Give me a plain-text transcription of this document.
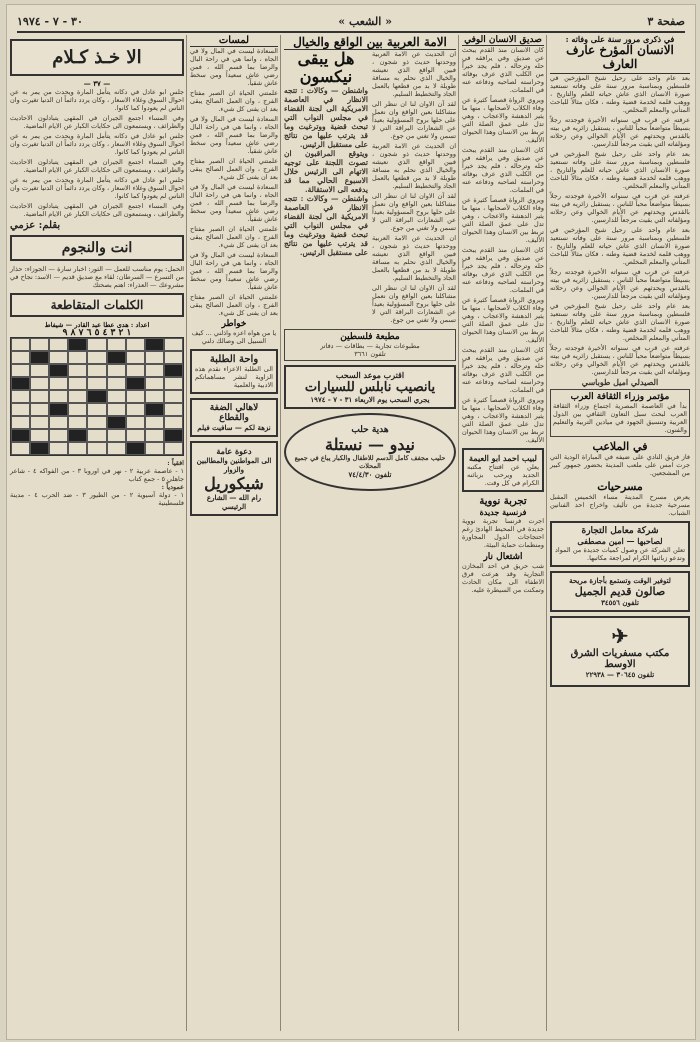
صفحة ٣
« الشعب »
٣٠ - ٧ - ١٩٧٤
في ذكرى مرور سنة على وفاته :
الانسان المؤرخ عارف العارف

بعد عام واحد على رحيل شيخ المؤرخين في فلسطين وبمناسبة مرور سنة على وفاته نستعيد صورة الانسان الذي عاش حياته للعلم والتاريخ ، ووهب قلمه لخدمة قضية وطنه ، فكان مثالاً للباحث المتأني والمعلم المخلص.

عرفته عن قرب في سنواته الأخيرة فوجدته رجلاً بسيطاً متواضعاً محباً للناس ، يستقبل زائريه في بيته بالقدس ويحدثهم عن الأيام الخوالي وعن رحلاته ومؤلفاته التي بقيت مرجعاً للدارسين.

بعد عام واحد على رحيل شيخ المؤرخين في فلسطين وبمناسبة مرور سنة على وفاته نستعيد صورة الانسان الذي عاش حياته للعلم والتاريخ ، ووهب قلمه لخدمة قضية وطنه ، فكان مثالاً للباحث المتأني والمعلم المخلص.

عرفته عن قرب في سنواته الأخيرة فوجدته رجلاً بسيطاً متواضعاً محباً للناس ، يستقبل زائريه في بيته بالقدس ويحدثهم عن الأيام الخوالي وعن رحلاته ومؤلفاته التي بقيت مرجعاً للدارسين.

بعد عام واحد على رحيل شيخ المؤرخين في فلسطين وبمناسبة مرور سنة على وفاته نستعيد صورة الانسان الذي عاش حياته للعلم والتاريخ ، ووهب قلمه لخدمة قضية وطنه ، فكان مثالاً للباحث المتأني والمعلم المخلص.

عرفته عن قرب في سنواته الأخيرة فوجدته رجلاً بسيطاً متواضعاً محباً للناس ، يستقبل زائريه في بيته بالقدس ويحدثهم عن الأيام الخوالي وعن رحلاته ومؤلفاته التي بقيت مرجعاً للدارسين.

بعد عام واحد على رحيل شيخ المؤرخين في فلسطين وبمناسبة مرور سنة على وفاته نستعيد صورة الانسان الذي عاش حياته للعلم والتاريخ ، ووهب قلمه لخدمة قضية وطنه ، فكان مثالاً للباحث المتأني والمعلم المخلص.

عرفته عن قرب في سنواته الأخيرة فوجدته رجلاً بسيطاً متواضعاً محباً للناس ، يستقبل زائريه في بيته بالقدس ويحدثهم عن الأيام الخوالي وعن رحلاته ومؤلفاته التي بقيت مرجعاً للدارسين.

الصيدلي اميل طوباسي
مؤتمر وزراء الثقافة العرب
بدأ في العاصمة المصرية اجتماع وزراء الثقافة العرب لبحث سبل التعاون الثقافي بين الدول العربية وتنسيق الجهود في ميادين التربية والتعليم والفنون.
في الملاعب
فاز فريق النادي على ضيفه في المباراة الودية التي جرت امس على ملعب المدينة بحضور جمهور كبير من المشجعين.
مسرحيات
يعرض مسرح المدينة مساء الخميس المقبل مسرحية جديدة من تأليف واخراج احد الفنانين الشباب.
شركة معامل التجارة
لصاحبها — امين مصطفى
تعلن الشركة عن وصول كميات جديدة من المواد وتدعو زبائنها الكرام لمراجعة مكاتبها.
لتوفير الوقت وتستمع بأجازة مريحة
صالون قديم الجميل
تلفون ٣٤٥٥٦
✈
مكتب مسفريات الشرق الاوسط
تلفون ٣٠٦٤٥ — ٢٢٩٣٨
صديق الانسان الوفي

كان الانسان منذ القدم يبحث عن صديق وفي يرافقه في حله وترحاله ، فلم يجد خيراً من الكلب الذي عرف بوفائه وحراسته لصاحبه ودفاعه عنه في الملمات.

ويروي الرواة قصصاً كثيرة عن وفاء الكلاب لأصحابها ، منها ما يثير الدهشة والاعجاب ، وهي تدل على عمق الصلة التي تربط بين الانسان وهذا الحيوان الأليف.

كان الانسان منذ القدم يبحث عن صديق وفي يرافقه في حله وترحاله ، فلم يجد خيراً من الكلب الذي عرف بوفائه وحراسته لصاحبه ودفاعه عنه في الملمات.

ويروي الرواة قصصاً كثيرة عن وفاء الكلاب لأصحابها ، منها ما يثير الدهشة والاعجاب ، وهي تدل على عمق الصلة التي تربط بين الانسان وهذا الحيوان الأليف.

كان الانسان منذ القدم يبحث عن صديق وفي يرافقه في حله وترحاله ، فلم يجد خيراً من الكلب الذي عرف بوفائه وحراسته لصاحبه ودفاعه عنه في الملمات.

ويروي الرواة قصصاً كثيرة عن وفاء الكلاب لأصحابها ، منها ما يثير الدهشة والاعجاب ، وهي تدل على عمق الصلة التي تربط بين الانسان وهذا الحيوان الأليف.

كان الانسان منذ القدم يبحث عن صديق وفي يرافقه في حله وترحاله ، فلم يجد خيراً من الكلب الذي عرف بوفائه وحراسته لصاحبه ودفاعه عنه في الملمات.

ويروي الرواة قصصاً كثيرة عن وفاء الكلاب لأصحابها ، منها ما يثير الدهشة والاعجاب ، وهي تدل على عمق الصلة التي تربط بين الانسان وهذا الحيوان الأليف.

لبيب احمد ابو العيمة
يعلن عن افتتاح مكتبه الجديد ويرحب بزبائنه الكرام في كل وقت.
تجربة نووية
فرنسية جديدة
اجرت فرنسا تجربة نووية جديدة في المحيط الهادئ رغم احتجاجات الدول المجاورة ومنظمات حماية البيئة.
اشتعال نار
شب حريق في احد المخازن التجارية وقد هرعت فرق الاطفاء الى مكان الحادث وتمكنت من السيطرة عليه.
الامة العربية بين الواقع والخيال

ان الحديث عن الامة العربية ووحدتها حديث ذو شجون ، فبين الواقع الذي نعيشه والخيال الذي نحلم به مسافة طويلة لا بد من قطعها بالعمل الجاد والتخطيط السليم.

لقد آن الاوان لنا ان ننظر الى مشاكلنا بعين الواقع وان نعمل على حلها بروح المسؤولية بعيداً عن الشعارات البراقة التي لا تسمن ولا تغني من جوع.

ان الحديث عن الامة العربية ووحدتها حديث ذو شجون ، فبين الواقع الذي نعيشه والخيال الذي نحلم به مسافة طويلة لا بد من قطعها بالعمل الجاد والتخطيط السليم.

لقد آن الاوان لنا ان ننظر الى مشاكلنا بعين الواقع وان نعمل على حلها بروح المسؤولية بعيداً عن الشعارات البراقة التي لا تسمن ولا تغني من جوع.

ان الحديث عن الامة العربية ووحدتها حديث ذو شجون ، فبين الواقع الذي نعيشه والخيال الذي نحلم به مسافة طويلة لا بد من قطعها بالعمل الجاد والتخطيط السليم.

لقد آن الاوان لنا ان ننظر الى مشاكلنا بعين الواقع وان نعمل على حلها بروح المسؤولية بعيداً عن الشعارات البراقة التي لا تسمن ولا تغني من جوع.

هل يبقى نيكسون
واشنطن — وكالات : تتجه الانظار في العاصمة الامريكية الى لجنة القضاء في مجلس النواب التي تبحث قضية ووترغيت وما قد يترتب عليها من نتائج على مستقبل الرئيس.
ويتوقع المراقبون ان تصوت اللجنة على توجيه الاتهام الى الرئيس خلال الاسبوع الحالي مما قد يدفعه الى الاستقالة.
واشنطن — وكالات : تتجه الانظار في العاصمة الامريكية الى لجنة القضاء في مجلس النواب التي تبحث قضية ووترغيت وما قد يترتب عليها من نتائج على مستقبل الرئيس.
مطبعة فلسطين
مطبوعات تجارية — بطاقات — دفاتر
تلفون ٣٦٦١
اقترب موعد السحب
يانصيب نابلس للسيارات
يجري السحب يوم الاربعاء ٣١ - ٧ - ١٩٧٤
هدية حلب
نيدو — نستلة
حليب مجفف كامل الدسم للاطفال والكبار يباع في جميع المحلات
تلفون ٧٤/٤/٣٠
لمسات

السعادة ليست في المال ولا في الجاه ، وانما هي في راحة البال والرضا بما قسم الله ، فمن رضي عاش سعيداً ومن سخط عاش شقياً.

علمتني الحياة ان الصبر مفتاح الفرج ، وان العمل الصالح يبقى بعد ان يفنى كل شيء.

السعادة ليست في المال ولا في الجاه ، وانما هي في راحة البال والرضا بما قسم الله ، فمن رضي عاش سعيداً ومن سخط عاش شقياً.

علمتني الحياة ان الصبر مفتاح الفرج ، وان العمل الصالح يبقى بعد ان يفنى كل شيء.

السعادة ليست في المال ولا في الجاه ، وانما هي في راحة البال والرضا بما قسم الله ، فمن رضي عاش سعيداً ومن سخط عاش شقياً.

علمتني الحياة ان الصبر مفتاح الفرج ، وان العمل الصالح يبقى بعد ان يفنى كل شيء.

السعادة ليست في المال ولا في الجاه ، وانما هي في راحة البال والرضا بما قسم الله ، فمن رضي عاش سعيداً ومن سخط عاش شقياً.

علمتني الحياة ان الصبر مفتاح الفرج ، وان العمل الصالح يبقى بعد ان يفنى كل شيء.

خواطر
يا من هواه اعزه واذلني ... كيف السبيل الى وصالك دلني
واحة الطلبة
الى الطلبة الاعزاء نقدم هذه الزاوية لنشر مساهماتكم الادبية والعلمية
لاهالي الضفة والقطاع
نزهة لكم — سافيت فيلم
دعوة عامة
الى المواطنين والمطالبين والزوار
شيكوريل
رام الله — الشارع الرئيسي
الا خـذ كـلام
— ٣٧ —

جلس ابو عادل في دكانه يتأمل المارة ويحدث من يمر به عن احوال السوق وغلاء الاسعار ، وكان يردد دائماً ان الدنيا تغيرت وان الناس لم يعودوا كما كانوا.

وفي المساء اجتمع الجيران في المقهى يتبادلون الاحاديث والطرائف ، ويستمعون الى حكايات الكبار عن الايام الماضية.

جلس ابو عادل في دكانه يتأمل المارة ويحدث من يمر به عن احوال السوق وغلاء الاسعار ، وكان يردد دائماً ان الدنيا تغيرت وان الناس لم يعودوا كما كانوا.

وفي المساء اجتمع الجيران في المقهى يتبادلون الاحاديث والطرائف ، ويستمعون الى حكايات الكبار عن الايام الماضية.

جلس ابو عادل في دكانه يتأمل المارة ويحدث من يمر به عن احوال السوق وغلاء الاسعار ، وكان يردد دائماً ان الدنيا تغيرت وان الناس لم يعودوا كما كانوا.

وفي المساء اجتمع الجيران في المقهى يتبادلون الاحاديث والطرائف ، ويستمعون الى حكايات الكبار عن الايام الماضية.

بقلم: عزمي
انت والنجوم
الحمل: يوم مناسب للعمل — الثور: اخبار سارة — الجوزاء: حذار من التسرع — السرطان: لقاء مع صديق قديم — الاسد: نجاح في مشروعك — العذراء: اهتم بصحتك
الكلمات المتقاطعة
اعداد : هدى عطا عبد القادر — شيفاط
١ ٢ ٣ ٤ ٥ ٦ ٧ ٨ ٩
افقياً :
١ - عاصمة عربية ٢ - نهر في اوروبا ٣ - من الفواكه ٤ - شاعر جاهلي ٥ - جمع كتاب
عمودياً :
١ - دولة آسيوية ٢ - من الطيور ٣ - ضد الحرب ٤ - مدينة فلسطينية
